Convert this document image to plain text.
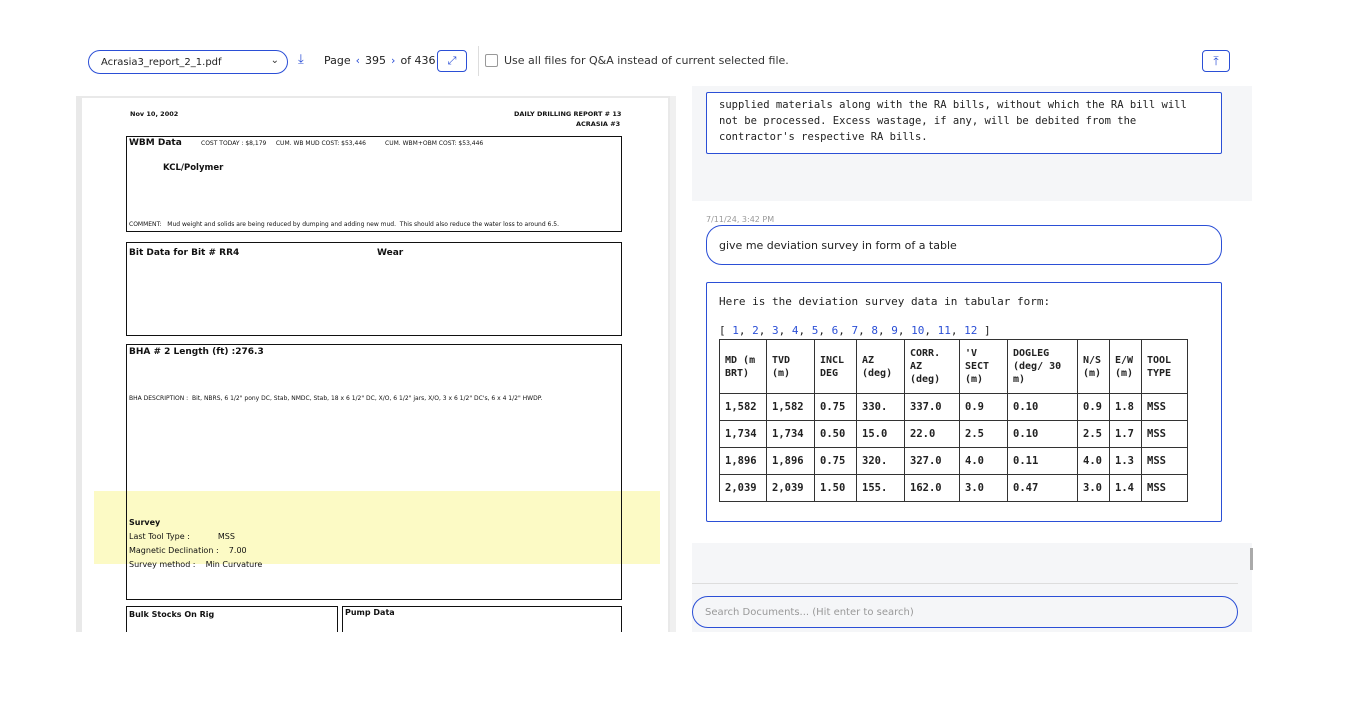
Acrasia3_report_2_1.pdf	⌄ ⤓ Page ‹ 395 › of 436	⤢	Use all files for Q&A instead of current selected file.	⤒
Nov 10, 2002	DAILY DRILLING REPORT # 13
ACRASIA #3
WBM Data	COST TODAY : $8,179     CUM. WB MUD COST: $53,446          CUM. WBM+OBM COST: $53,446
KCL/Polymer
COMMENT:   Mud weight and solids are being reduced by dumping and adding new mud.  This should also reduce the water loss to around 6.5.
Bit Data for Bit # RR4	Wear
BHA # 2 Length (ft) :276.3
BHA DESCRIPTION :  Bit, NBRS, 6 1/2" pony DC, Stab, NMDC, Stab, 18 x 6 1/2" DC, X/O, 6 1/2" jars, X/O, 3 x 6 1/2" DC's, 6 x 4 1/2" HWDP.
Survey
Last Tool Type :           MSS
Magnetic Declination :    7.00
Survey method :    Min Curvature
Bulk Stocks On Rig	Pump Data
supplied materials along with the RA bills, without which the RA bill will
not be processed. Excess wastage, if any, will be debited from the
contractor's respective RA bills.
7/11/24, 3:42 PM
give me deviation survey in form of a table
Here is the deviation survey data in tabular form:
[ 1, 2, 3, 4, 5, 6, 7, 8, 9, 10, 11, 12 ]
MD (m BRT)	TVD (m)	INCL DEG	AZ (deg)	CORR. AZ (deg)	'V SECT (m)	DOGLEG (deg/ 30 m)	N/S (m)	E/W (m)	TOOL TYPE
1,582	1,582	0.75	330.	337.0	0.9	0.10	0.9	1.8	MSS
1,734	1,734	0.50	15.0	22.0	2.5	0.10	2.5	1.7	MSS
1,896	1,896	0.75	320.	327.0	4.0	0.11	4.0	1.3	MSS
2,039	2,039	1.50	155.	162.0	3.0	0.47	3.0	1.4	MSS
Search Documents... (Hit enter to search)
